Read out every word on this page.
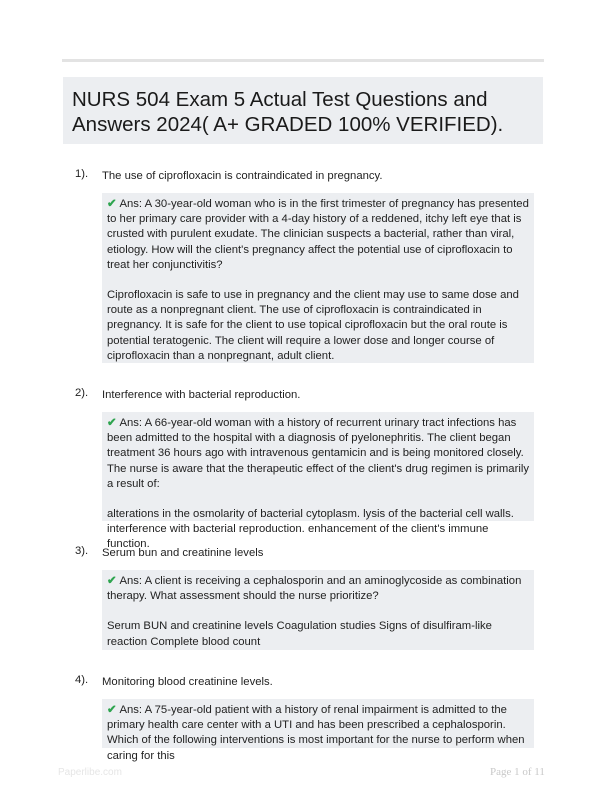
NURS 504 Exam 5 Actual Test Questions and Answers 2024( A+ GRADED 100% VERIFIED).
1). The use of ciprofloxacin is contraindicated in pregnancy.

✔ Ans: A 30-year-old woman who is in the first trimester of pregnancy has presented to her primary care provider with a 4-day history of a reddened, itchy left eye that is crusted with purulent exudate. The clinician suspects a bacterial, rather than viral, etiology. How will the client's pregnancy affect the potential use of ciprofloxacin to treat her conjunctivitis?

Ciprofloxacin is safe to use in pregnancy and the client may use to same dose and route as a nonpregnant client. The use of ciprofloxacin is contraindicated in pregnancy. It is safe for the client to use topical ciprofloxacin but the oral route is potential teratogenic. The client will require a lower dose and longer course of ciprofloxacin than a nonpregnant, adult client.

2). Interference with bacterial reproduction.

✔ Ans: A 66-year-old woman with a history of recurrent urinary tract infections has been admitted to the hospital with a diagnosis of pyelonephritis. The client began treatment 36 hours ago with intravenous gentamicin and is being monitored closely. The nurse is aware that the therapeutic effect of the client's drug regimen is primarily a result of:

alterations in the osmolarity of bacterial cytoplasm. lysis of the bacterial cell walls. interference with bacterial reproduction. enhancement of the client's immune function.

3). Serum bun and creatinine levels

✔ Ans: A client is receiving a cephalosporin and an aminoglycoside as combination therapy. What assessment should the nurse prioritize?

Serum BUN and creatinine levels Coagulation studies Signs of disulfiram-like reaction Complete blood count

4). Monitoring blood creatinine levels.

✔ Ans: A 75-year-old patient with a history of renal impairment is admitted to the primary health care center with a UTI and has been prescribed a cephalosporin. Which of the following interventions is most important for the nurse to perform when caring for this

Paperlibe.com	Page 1 of 11
